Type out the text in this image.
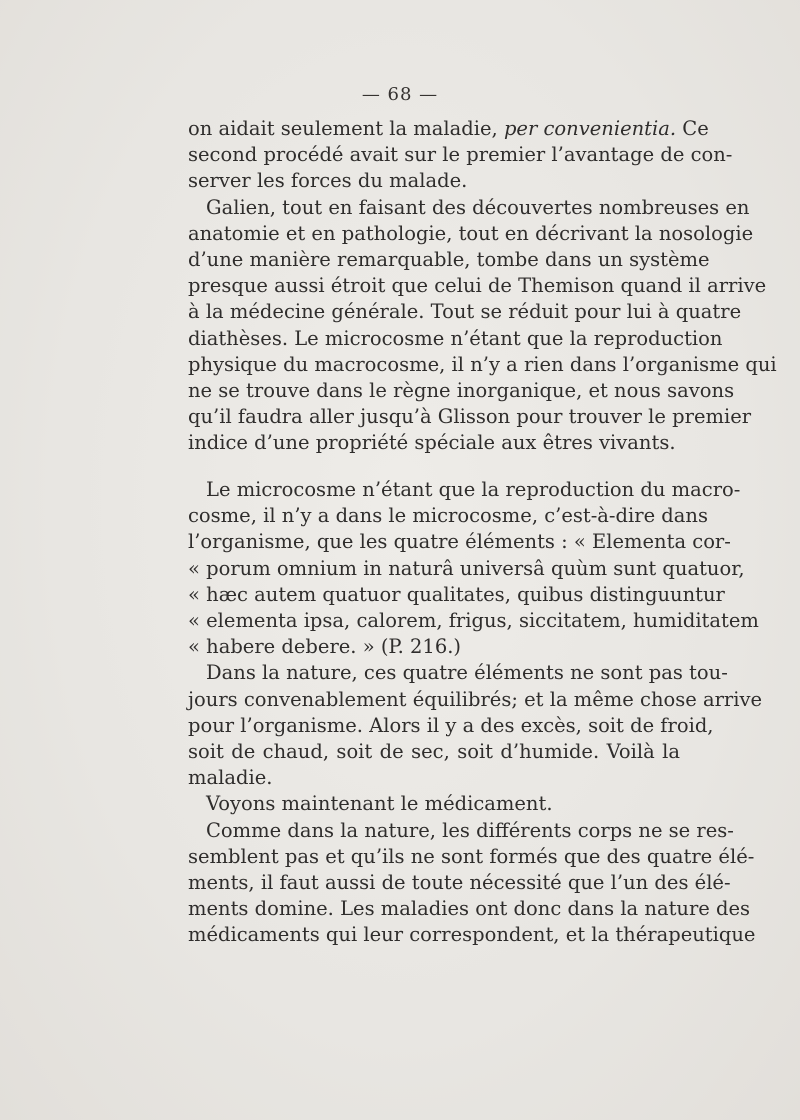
— 68 —
on aidait seulement la maladie, per convenientia. Ce
second procédé avait sur le premier l’avantage de con-
server les forces du malade.
Galien, tout en faisant des découvertes nombreuses en
anatomie et en pathologie, tout en décrivant la nosologie
d’une manière remarquable, tombe dans un système
presque aussi étroit que celui de Themison quand il arrive
à la médecine générale. Tout se réduit pour lui à quatre
diathèses. Le microcosme n’étant que la reproduction
physique du macrocosme, il n’y a rien dans l’organisme qui
ne se trouve dans le règne inorganique, et nous savons
qu’il faudra aller jusqu’à Glisson pour trouver le premier
indice d’une propriété spéciale aux êtres vivants.
Le microcosme n’étant que la reproduction du macro-
cosme, il n’y a dans le microcosme, c’est-à-dire dans
l’organisme, que les quatre éléments : « Elementa cor-
« porum omnium in naturâ universâ quùm sunt quatuor,
« hæc autem quatuor qualitates, quibus distinguuntur
« elementa ipsa, calorem, frigus, siccitatem, humiditatem
« habere debere. » (P. 216.)
Dans la nature, ces quatre éléments ne sont pas tou-
jours convenablement équilibrés; et la même chose arrive
pour l’organisme. Alors il y a des excès, soit de froid,
soit de chaud, soit de sec, soit d’humide. Voilà la
maladie.
Voyons maintenant le médicament.
Comme dans la nature, les différents corps ne se res-
semblent pas et qu’ils ne sont formés que des quatre élé-
ments, il faut aussi de toute nécessité que l’un des élé-
ments domine. Les maladies ont donc dans la nature des
médicaments qui leur correspondent, et la thérapeutique
